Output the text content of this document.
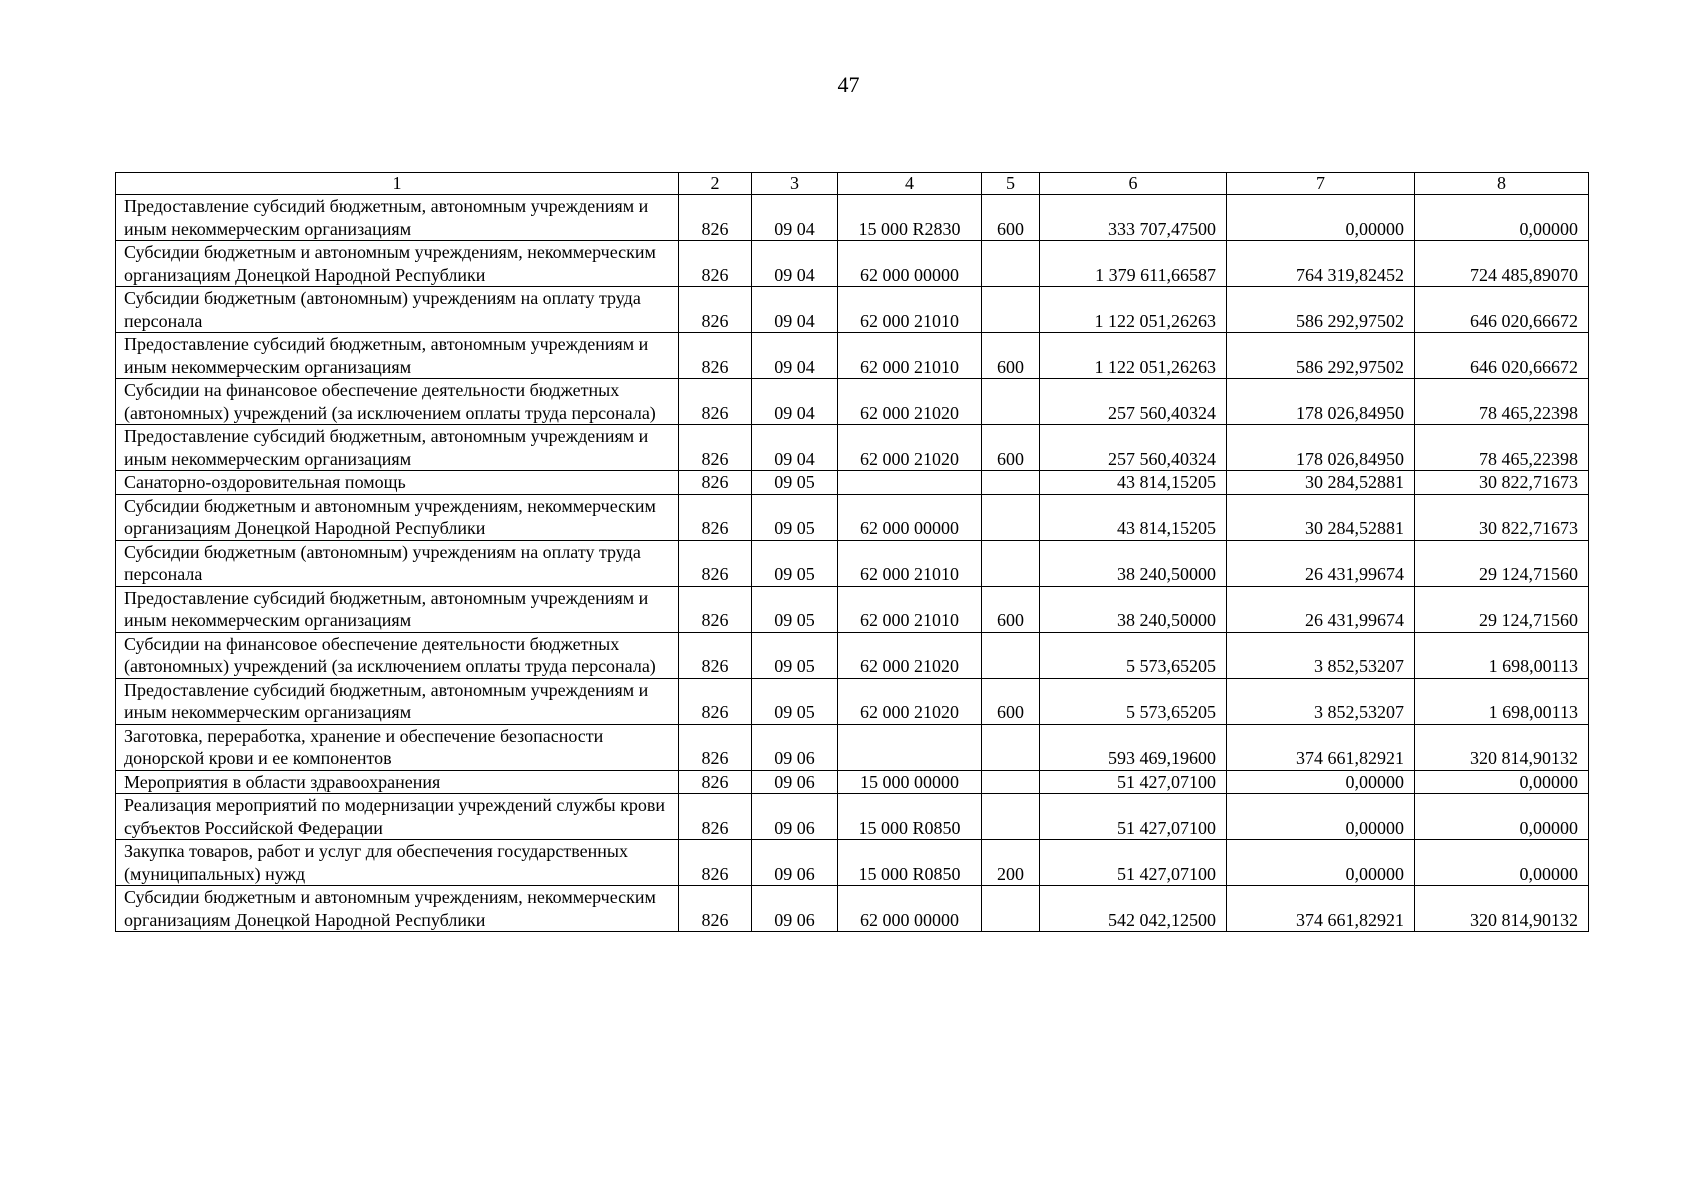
47
1	2	3	4	5	6	7	8
Предоставление субсидий бюджетным, автономным учреждениям и иным некоммерческим организациям	826	09 04	15 000 R2830	600	333 707,47500	0,00000	0,00000
Субсидии бюджетным и автономным учреждениям, некоммерческим организациям Донецкой Народной Республики	826	09 04	62 000 00000		1 379 611,66587	764 319,82452	724 485,89070
Субсидии бюджетным (автономным) учреждениям на оплату труда персонала	826	09 04	62 000 21010		1 122 051,26263	586 292,97502	646 020,66672
Предоставление субсидий бюджетным, автономным учреждениям и иным некоммерческим организациям	826	09 04	62 000 21010	600	1 122 051,26263	586 292,97502	646 020,66672
Субсидии на финансовое обеспечение деятельности бюджетных (автономных) учреждений (за исключением оплаты труда персонала)	826	09 04	62 000 21020		257 560,40324	178 026,84950	78 465,22398
Предоставление субсидий бюджетным, автономным учреждениям и иным некоммерческим организациям	826	09 04	62 000 21020	600	257 560,40324	178 026,84950	78 465,22398
Санаторно-оздоровительная помощь	826	09 05			43 814,15205	30 284,52881	30 822,71673
Субсидии бюджетным и автономным учреждениям, некоммерческим организациям Донецкой Народной Республики	826	09 05	62 000 00000		43 814,15205	30 284,52881	30 822,71673
Субсидии бюджетным (автономным) учреждениям на оплату труда персонала	826	09 05	62 000 21010		38 240,50000	26 431,99674	29 124,71560
Предоставление субсидий бюджетным, автономным учреждениям и иным некоммерческим организациям	826	09 05	62 000 21010	600	38 240,50000	26 431,99674	29 124,71560
Субсидии на финансовое обеспечение деятельности бюджетных (автономных) учреждений (за исключением оплаты труда персонала)	826	09 05	62 000 21020		5 573,65205	3 852,53207	1 698,00113
Предоставление субсидий бюджетным, автономным учреждениям и иным некоммерческим организациям	826	09 05	62 000 21020	600	5 573,65205	3 852,53207	1 698,00113
Заготовка, переработка, хранение и обеспечение безопасности донорской крови и ее компонентов	826	09 06			593 469,19600	374 661,82921	320 814,90132
Мероприятия в области здравоохранения	826	09 06	15 000 00000		51 427,07100	0,00000	0,00000
Реализация мероприятий по модернизации учреждений службы крови субъектов Российской Федерации	826	09 06	15 000 R0850		51 427,07100	0,00000	0,00000
Закупка товаров, работ и услуг для обеспечения государственных (муниципальных) нужд	826	09 06	15 000 R0850	200	51 427,07100	0,00000	0,00000
Субсидии бюджетным и автономным учреждениям, некоммерческим организациям Донецкой Народной Республики	826	09 06	62 000 00000		542 042,12500	374 661,82921	320 814,90132
